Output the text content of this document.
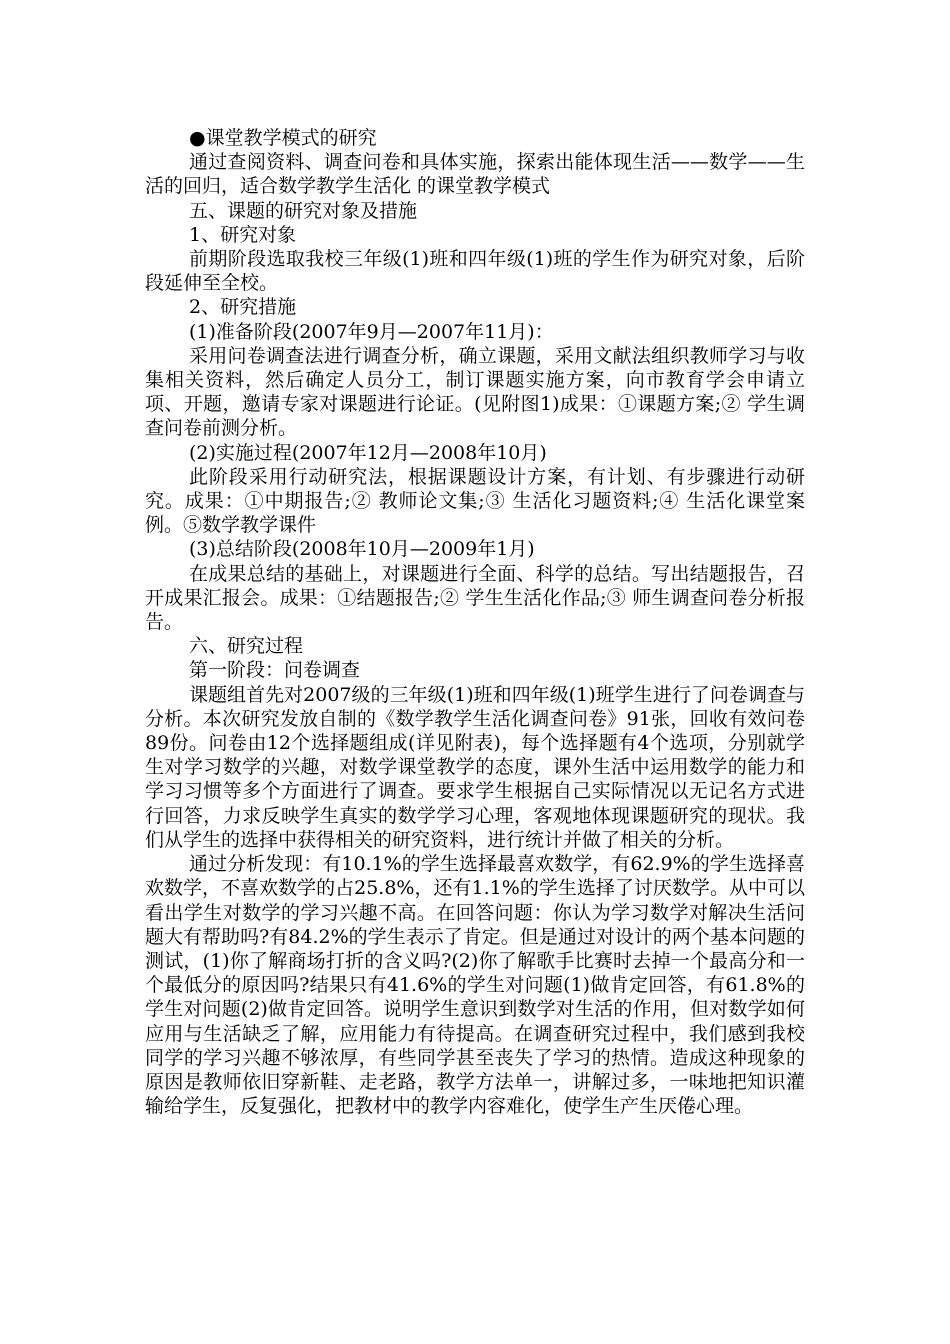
●课堂教学模式的研究

通过查阅资料、调查问卷和具体实施，探索出能体现生活——数学——生活的回归，适合数学教学生活化 的课堂教学模式

五、课题的研究对象及措施

1、研究对象

前期阶段选取我校三年级(1)班和四年级(1)班的学生作为研究对象，后阶段延伸至全校。

2、研究措施

(1)准备阶段(2007年9月—2007年11月)：

采用问卷调查法进行调查分析，确立课题，采用文献法组织教师学习与收集相关资料，然后确定人员分工，制订课题实施方案，向市教育学会申请立项、开题，邀请专家对课题进行论证。(见附图1)成果：①课题方案;② 学生调查问卷前测分析。

(2)实施过程(2007年12月—2008年10月)

此阶段采用行动研究法，根据课题设计方案，有计划、有步骤进行动研究。成果：①中期报告;② 教师论文集;③ 生活化习题资料;④ 生活化课堂案例。⑤数学教学课件

(3)总结阶段(2008年10月—2009年1月)

在成果总结的基础上，对课题进行全面、科学的总结。写出结题报告，召开成果汇报会。成果：①结题报告;② 学生生活化作品;③ 师生调查问卷分析报告。

六、研究过程

第一阶段：问卷调查

课题组首先对2007级的三年级(1)班和四年级(1)班学生进行了问卷调查与分析。本次研究发放自制的《数学教学生活化调查问卷》91张，回收有效问卷89份。问卷由12个选择题组成(详见附表)，每个选择题有4个选项，分别就学生对学习数学的兴趣，对数学课堂教学的态度，课外生活中运用数学的能力和学习习惯等多个方面进行了调查。要求学生根据自己实际情况以无记名方式进行回答，力求反映学生真实的数学学习心理，客观地体现课题研究的现状。我们从学生的选择中获得相关的研究资料，进行统计并做了相关的分析。

通过分析发现：有10.1%的学生选择最喜欢数学，有62.9%的学生选择喜欢数学，不喜欢数学的占25.8%，还有1.1%的学生选择了讨厌数学。从中可以看出学生对数学的学习兴趣不高。在回答问题：你认为学习数学对解决生活问题大有帮助吗?有84.2%的学生表示了肯定。但是通过对设计的两个基本问题的测试，(1)你了解商场打折的含义吗?(2)你了解歌手比赛时去掉一个最高分和一个最低分的原因吗?结果只有41.6%的学生对问题(1)做肯定回答，有61.8%的学生对问题(2)做肯定回答。说明学生意识到数学对生活的作用，但对数学如何应用与生活缺乏了解，应用能力有待提高。在调查研究过程中，我们感到我校同学的学习兴趣不够浓厚，有些同学甚至丧失了学习的热情。造成这种现象的原因是教师依旧穿新鞋、走老路，教学方法单一，讲解过多，一味地把知识灌输给学生，反复强化，把教材中的教学内容难化，使学生产生厌倦心理。
